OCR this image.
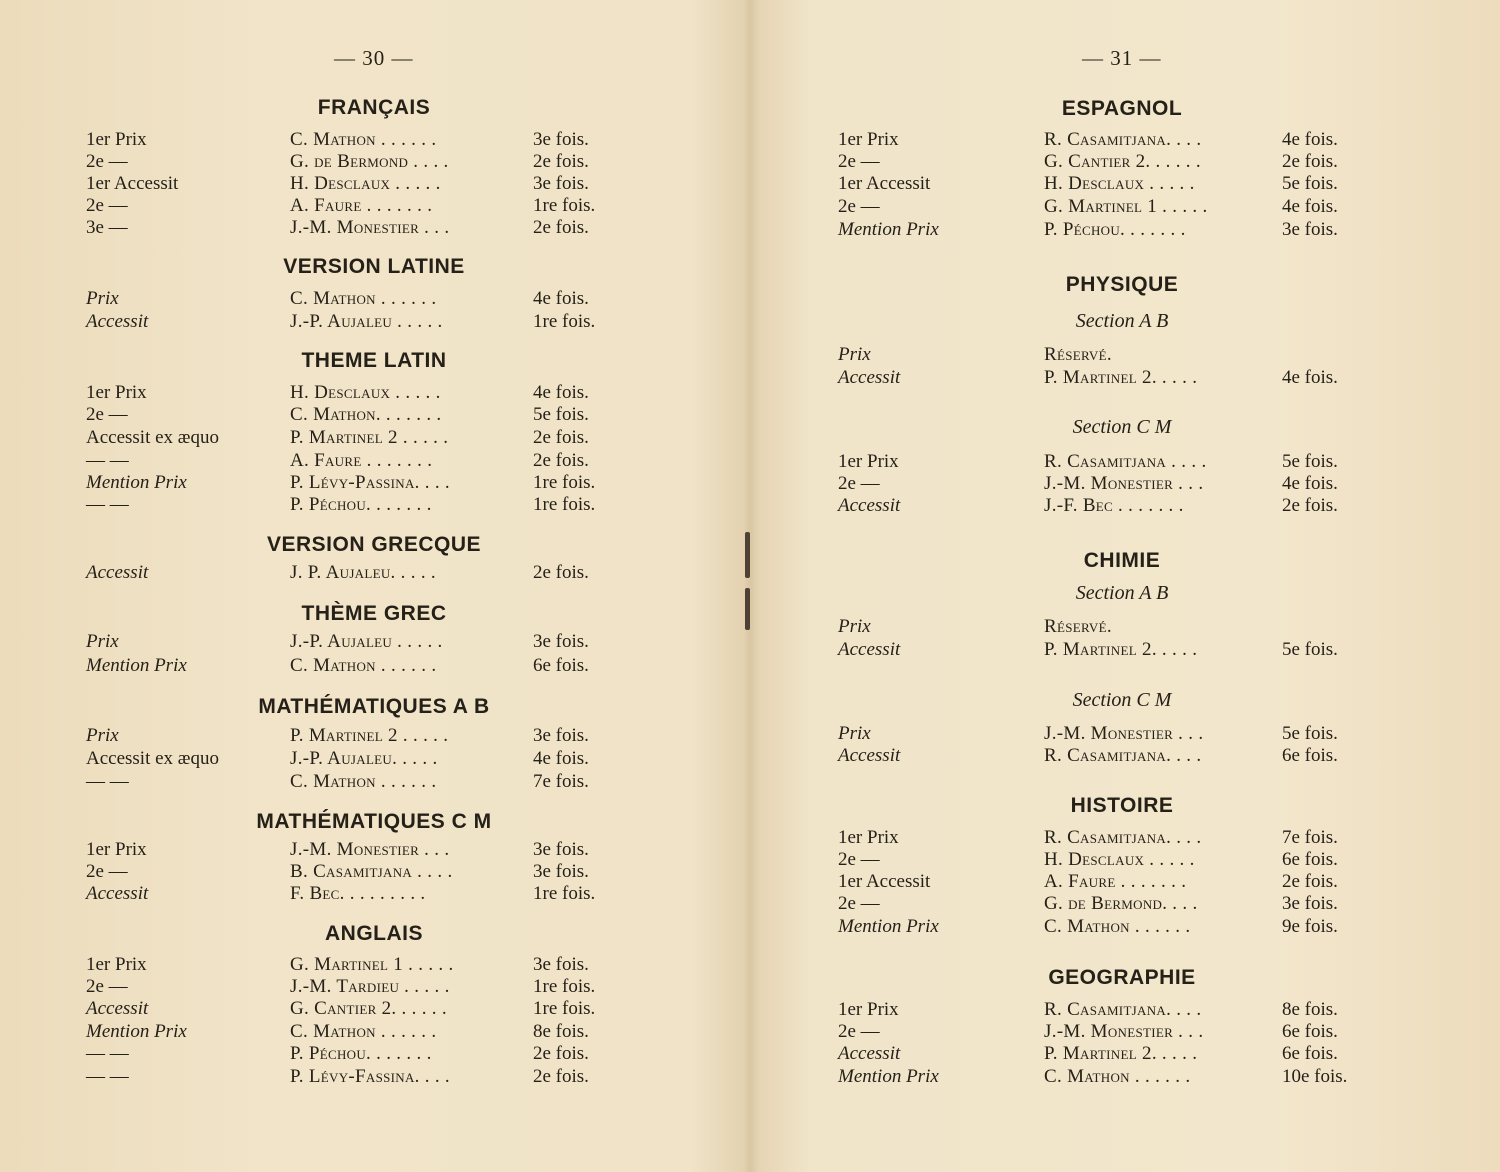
— 30 —
FRANÇAIS
1er Prix	C. Mathon . . . . . .	3e fois.
2e —	G. de Bermond . . . .	2e fois.
1er Accessit	H. Desclaux . . . . .	3e fois.
2e —	A. Faure . . . . . . .	1re fois.
3e —	J.-M. Monestier . . .	2e fois.
VERSION LATINE
Prix	C. Mathon . . . . . .	4e fois.
Accessit	J.-P. Aujaleu . . . . .	1re fois.
THEME LATIN
1er Prix	H. Desclaux . . . . .	4e fois.
2e —	C. Mathon. . . . . . .	5e fois.
Accessit ex æquo	P. Martinel 2 . . . . .	2e fois.
— —	A. Faure . . . . . . .	2e fois.
Mention Prix	P. Lévy-Passina. . . .	1re fois.
— —	P. Péchou. . . . . . .	1re fois.
VERSION GRECQUE
Accessit	J. P. Aujaleu. . . . .	2e fois.
THÈME GREC
Prix	J.-P. Aujaleu . . . . .	3e fois.
Mention Prix	C. Mathon . . . . . .	6e fois.
MATHÉMATIQUES A B
Prix	P. Martinel 2 . . . . .	3e fois.
Accessit ex æquo	J.-P. Aujaleu. . . . .	4e fois.
— —	C. Mathon . . . . . .	7e fois.
MATHÉMATIQUES C M
1er Prix	J.-M. Monestier . . .	3e fois.
2e —	B. Casamitjana . . . .	3e fois.
Accessit	F. Bec. . . . . . . . .	1re fois.
ANGLAIS
1er Prix	G. Martinel 1 . . . . .	3e fois.
2e —	J.-M. Tardieu . . . . .	1re fois.
Accessit	G. Cantier 2. . . . . .	1re fois.
Mention Prix	C. Mathon . . . . . .	8e fois.
— —	P. Péchou. . . . . . .	2e fois.
— —	P. Lévy-Fassina. . . .	2e fois.
— 31 —
ESPAGNOL
1er Prix	R. Casamitjana. . . .	4e fois.
2e —	G. Cantier 2. . . . . .	2e fois.
1er Accessit	H. Desclaux . . . . .	5e fois.
2e —	G. Martinel 1 . . . . .	4e fois.
Mention Prix	P. Péchou. . . . . . .	3e fois.
PHYSIQUE
Section A B
Prix	Réservé.
Accessit	P. Martinel 2. . . . .	4e fois.
Section C M
1er Prix	R. Casamitjana . . . .	5e fois.
2e —	J.-M. Monestier . . .	4e fois.
Accessit	J.-F. Bec . . . . . . .	2e fois.
CHIMIE
Section A B
Prix	Réservé.
Accessit	P. Martinel 2. . . . .	5e fois.
Section C M
Prix	J.-M. Monestier . . .	5e fois.
Accessit	R. Casamitjana. . . .	6e fois.
HISTOIRE
1er Prix	R. Casamitjana. . . .	7e fois.
2e —	H. Desclaux . . . . .	6e fois.
1er Accessit	A. Faure . . . . . . .	2e fois.
2e —	G. de Bermond. . . .	3e fois.
Mention Prix	C. Mathon . . . . . .	9e fois.
GEOGRAPHIE
1er Prix	R. Casamitjana. . . .	8e fois.
2e —	J.-M. Monestier . . .	6e fois.
Accessit	P. Martinel 2. . . . .	6e fois.
Mention Prix	C. Mathon . . . . . .	10e fois.
